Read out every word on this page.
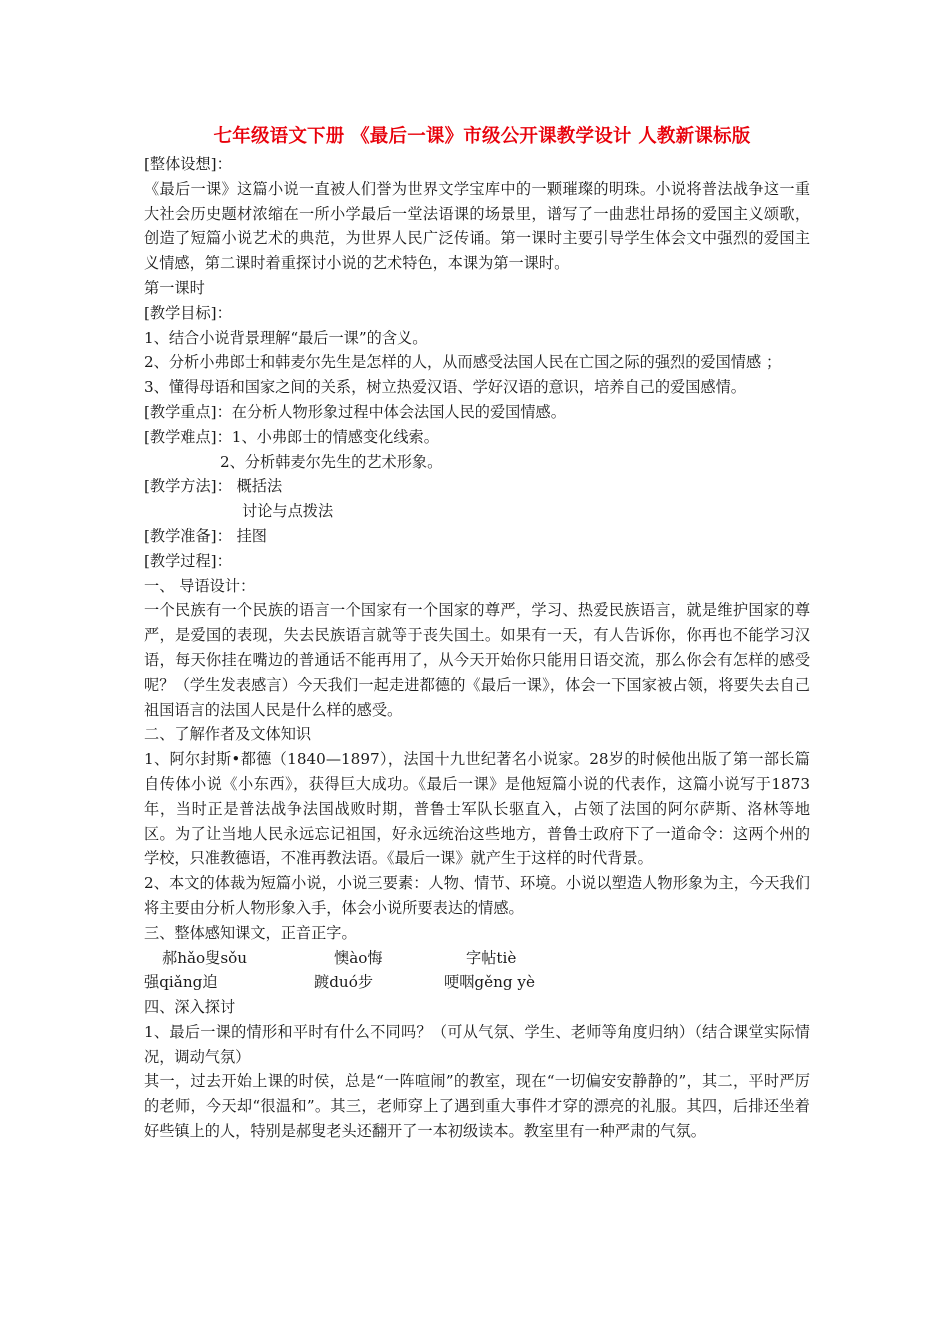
七年级语文下册 《最后一课》市级公开课教学设计 人教新课标版

[整体设想]：

《最后一课》这篇小说一直被人们誉为世界文学宝库中的一颗璀璨的明珠。小说将普法战争这一重大社会历史题材浓缩在一所小学最后一堂法语课的场景里，谱写了一曲悲壮昂扬的爱国主义颂歌，创造了短篇小说艺术的典范，为世界人民广泛传诵。第一课时主要引导学生体会文中强烈的爱国主义情感，第二课时着重探讨小说的艺术特色，本课为第一课时。

第一课时

[教学目标]：

1、结合小说背景理解“最后一课”的含义。

2、分析小弗郎士和韩麦尔先生是怎样的人，从而感受法国人民在亡国之际的强烈的爱国情感 ；

3、懂得母语和国家之间的关系，树立热爱汉语、学好汉语的意识，培养自己的爱国感情。

[教学重点]：在分析人物形象过程中体会法国人民的爱国情感。

[教学难点]：1、小弗郎士的情感变化线索。

2、分析韩麦尔先生的艺术形象。

[教学方法]： 概括法

讨论与点拨法

[教学准备]： 挂图

[教学过程]：

一、 导语设计：

一个民族有一个民族的语言一个国家有一个国家的尊严，学习、热爱民族语言，就是维护国家的尊严，是爱国的表现，失去民族语言就等于丧失国土。如果有一天，有人告诉你，你再也不能学习汉语，每天你挂在嘴边的普通话不能再用了，从今天开始你只能用日语交流，那么你会有怎样的感受呢？（学生发表感言）今天我们一起走进都德的《最后一课》，体会一下国家被占领，将要失去自己祖国语言的法国人民是什么样的感受。

二、了解作者及文体知识

1、阿尔封斯•都德（1840—1897），法国十九世纪著名小说家。28岁的时候他出版了第一部长篇自传体小说《小东西》，获得巨大成功。《最后一课》是他短篇小说的代表作，这篇小说写于1873年，当时正是普法战争法国战败时期，普鲁士军队长驱直入，占领了法国的阿尔萨斯、洛林等地区。为了让当地人民永远忘记祖国，好永远统治这些地方，普鲁士政府下了一道命令：这两个州的学校，只准教德语，不准再教法语。《最后一课》就产生于这样的时代背景。

2、本文的体裁为短篇小说，小说三要素：人物、情节、环境。小说以塑造人物形象为主，今天我们将主要由分析人物形象入手，体会小说所要表达的情感。

三、整体感知课文，正音正字。

郝hǎo叟sǒu	懊ào悔	字帖tiè
强qiǎng迫	踱duó步	哽咽gěng yè

四、深入探讨

1、最后一课的情形和平时有什么不同吗？（可从气氛、学生、老师等角度归纳）（结合课堂实际情况，调动气氛）

其一，过去开始上课的时侯，总是“一阵喧闹”的教室，现在“一切偏安安静静的”，其二，平时严厉的老师，今天却“很温和”。其三，老师穿上了遇到重大事件才穿的漂亮的礼服。其四，后排还坐着好些镇上的人，特别是郝叟老头还翻开了一本初级读本。教室里有一种严肃的气氛。
